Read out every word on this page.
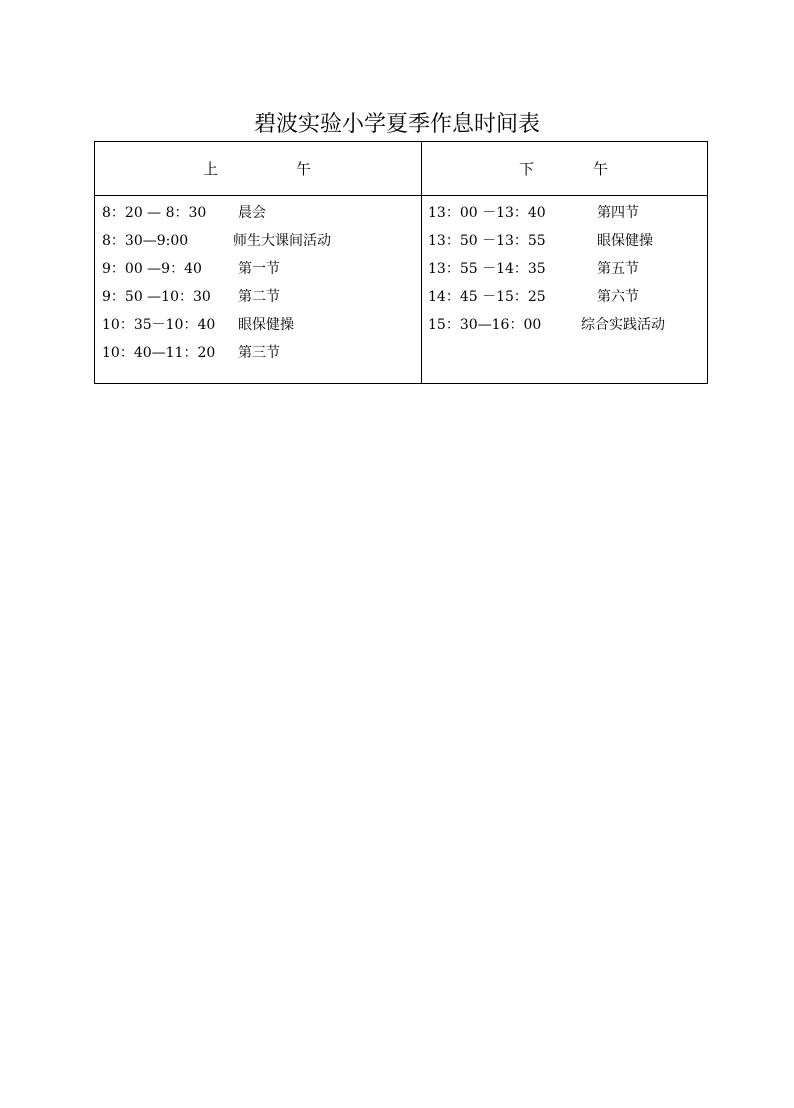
碧波实验小学夏季作息时间表
上	午	下	午
8：20 — 8：30 晨会
8：30—9:00	师生大课间活动
9：00 —9：40	第一节
9：50 —10：30 第二节
10：35－10：40 眼保健操
10：40—11：20 第三节
13：00 －13：40	第四节
13：50 －13：55	眼保健操
13：55 －14：35	第五节
14：45 －15：25	第六节
15：30—16：00	综合实践活动
